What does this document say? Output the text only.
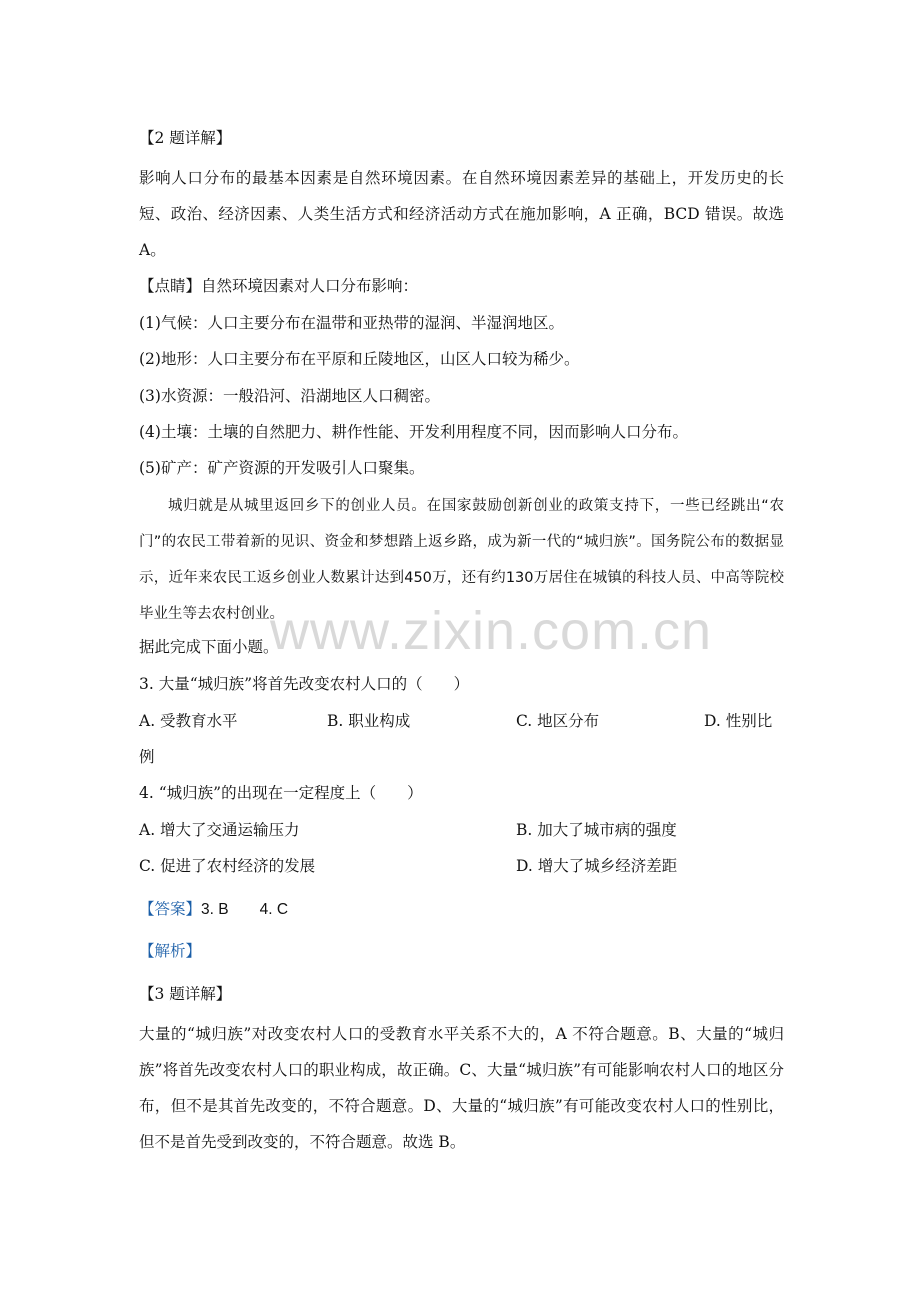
www.zixin.com.cn
【2 题详解】
影响人口分布的最基本因素是自然环境因素。在自然环境因素差异的基础上，开发历史的长短、政治、经济因素、人类生活方式和经济活动方式在施加影响，A 正确，BCD 错误。故选 A。
【点睛】自然环境因素对人口分布影响：
(1)气候：人口主要分布在温带和亚热带的湿润、半湿润地区。
(2)地形：人口主要分布在平原和丘陵地区，山区人口较为稀少。
(3)水资源：一般沿河、沿湖地区人口稠密。
(4)土壤：土壤的自然肥力、耕作性能、开发利用程度不同，因而影响人口分布。
(5)矿产：矿产资源的开发吸引人口聚集。
城归就是从城里返回乡下的创业人员。在国家鼓励创新创业的政策支持下，一些已经跳出“农门”的农民工带着新的见识、资金和梦想踏上返乡路，成为新一代的“城归族”。国务院公布的数据显示，近年来农民工返乡创业人数累计达到450万，还有约130万居住在城镇的科技人员、中高等院校毕业生等去农村创业。
据此完成下面小题。
3. 大量“城归族”将首先改变农村人口的（　　）
A. 受教育水平	B. 职业构成	C. 地区分布	D. 性别比
例
4. “城归族”的出现在一定程度上（　　）
A. 增大了交通运输压力	B. 加大了城市病的强度
C. 促进了农村经济的发展	D. 增大了城乡经济差距
【答案】3. B　　4. C
【解析】
【3 题详解】
大量的“城归族”对改变农村人口的受教育水平关系不大的，A 不符合题意。B、大量的“城归族”将首先改变农村人口的职业构成，故正确。C、大量“城归族”有可能影响农村人口的地区分布，但不是其首先改变的，不符合题意。D、大量的“城归族”有可能改变农村人口的性别比，但不是首先受到改变的，不符合题意。故选 B。
